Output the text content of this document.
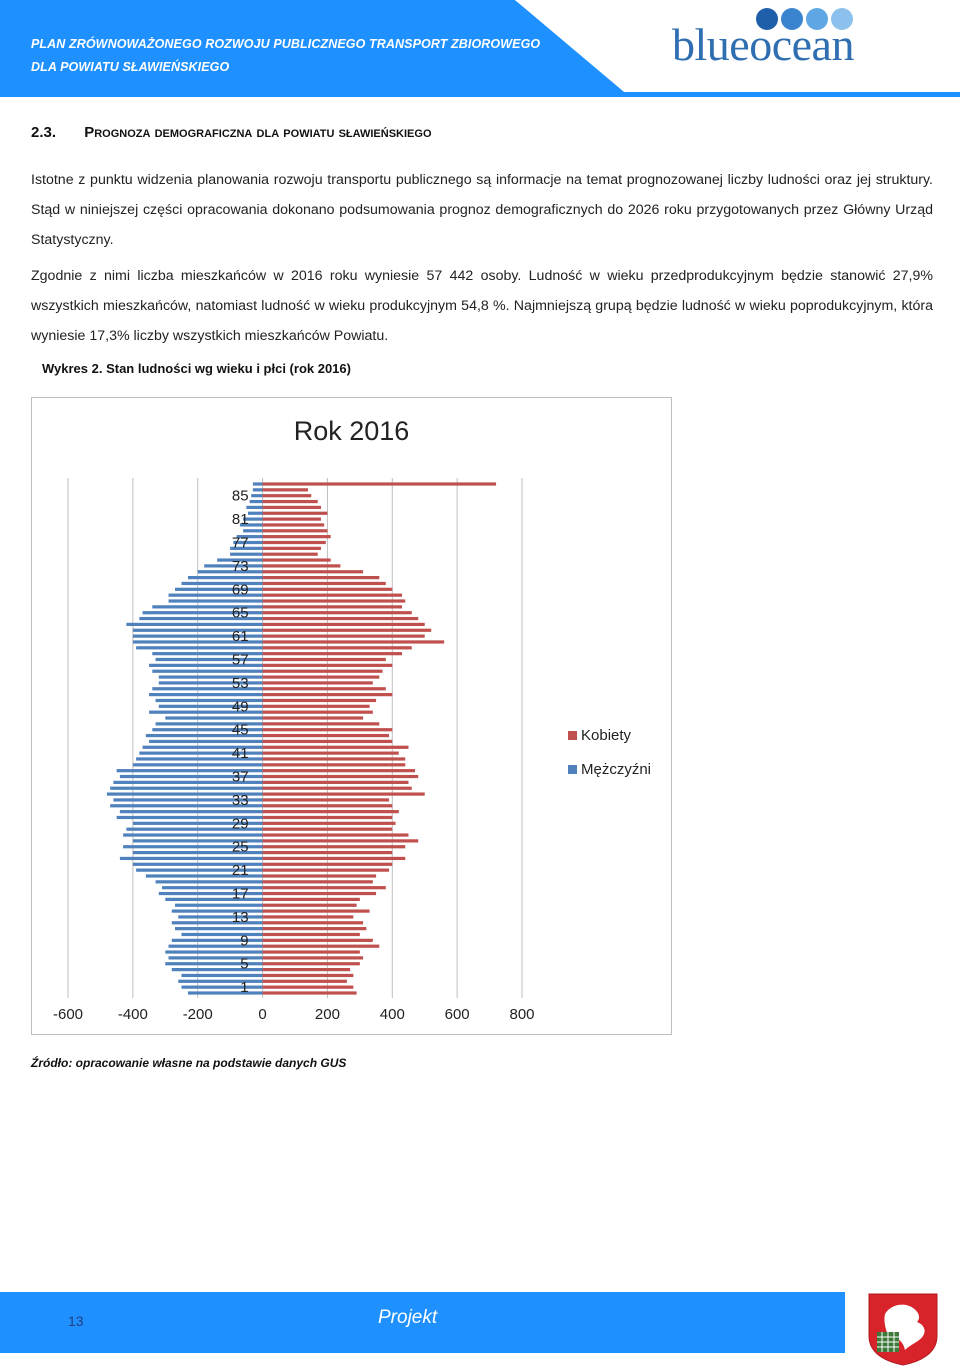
PLAN ZRÓWNOWAŻONEGO ROZWOJU PUBLICZNEGO TRANSPORT ZBIOROWEGO
DLA POWIATU SŁAWIEŃSKIEGO	blueocean
2.3. Prognoza demograficzna dla powiatu sławieńskiego
Istotne z punktu widzenia planowania rozwoju transportu publicznego są informacje na temat prognozowanej liczby ludności oraz jej struktury. Stąd w niniejszej części opracowania dokonano podsumowania prognoz demograficznych do 2026 roku przygotowanych przez Główny Urząd Statystyczny.
Zgodnie z nimi liczba mieszkańców w 2016 roku wyniesie 57 442 osoby. Ludność w wieku przedprodukcyjnym będzie stanowić 27,9% wszystkich mieszkańców, natomiast ludność w wieku produkcyjnym 54,8 %. Najmniejszą grupą będzie ludność w wieku poprodukcyjnym, która wyniesie 17,3% liczby wszystkich mieszkańców Powiatu.
Wykres 2. Stan ludności wg wieku i płci (rok 2016)
-600 -400 -200	0	200	400	600	800
85
81
77
73
69
65
61
57
53
49
45
41
37
33
29
25
21
17
13
9
5
1
Rok 2016
Kobiety
Mężczyźni
Źródło: opracowanie własne na podstawie danych GUS
13	Projekt
